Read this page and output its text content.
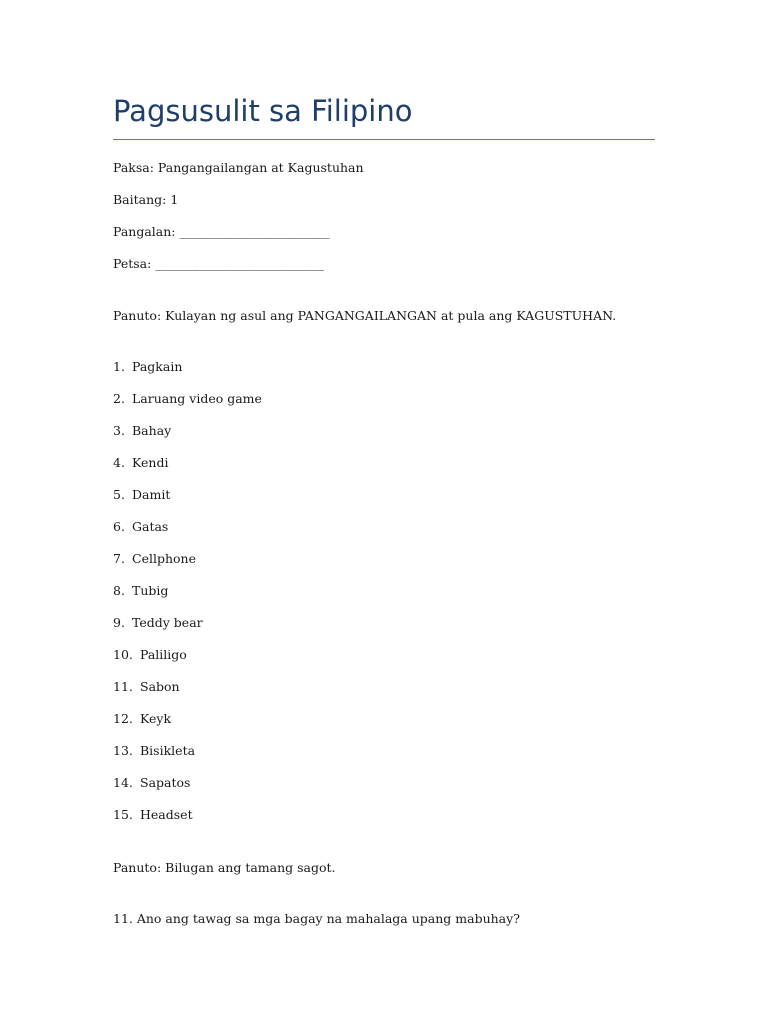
Pagsusulit sa Filipino
Paksa: Pangangailangan at Kagustuhan
Baitang: 1
Pangalan: ________________________
Petsa: ___________________________
Panuto: Kulayan ng asul ang PANGANGAILANGAN at pula ang KAGUSTUHAN.
1. Pagkain
2. Laruang video game
3. Bahay
4. Kendi
5. Damit
6. Gatas
7. Cellphone
8. Tubig
9. Teddy bear
10. Paliligo
11. Sabon
12. Keyk
13. Bisikleta
14. Sapatos
15. Headset
Panuto: Bilugan ang tamang sagot.
11. Ano ang tawag sa mga bagay na mahalaga upang mabuhay?
